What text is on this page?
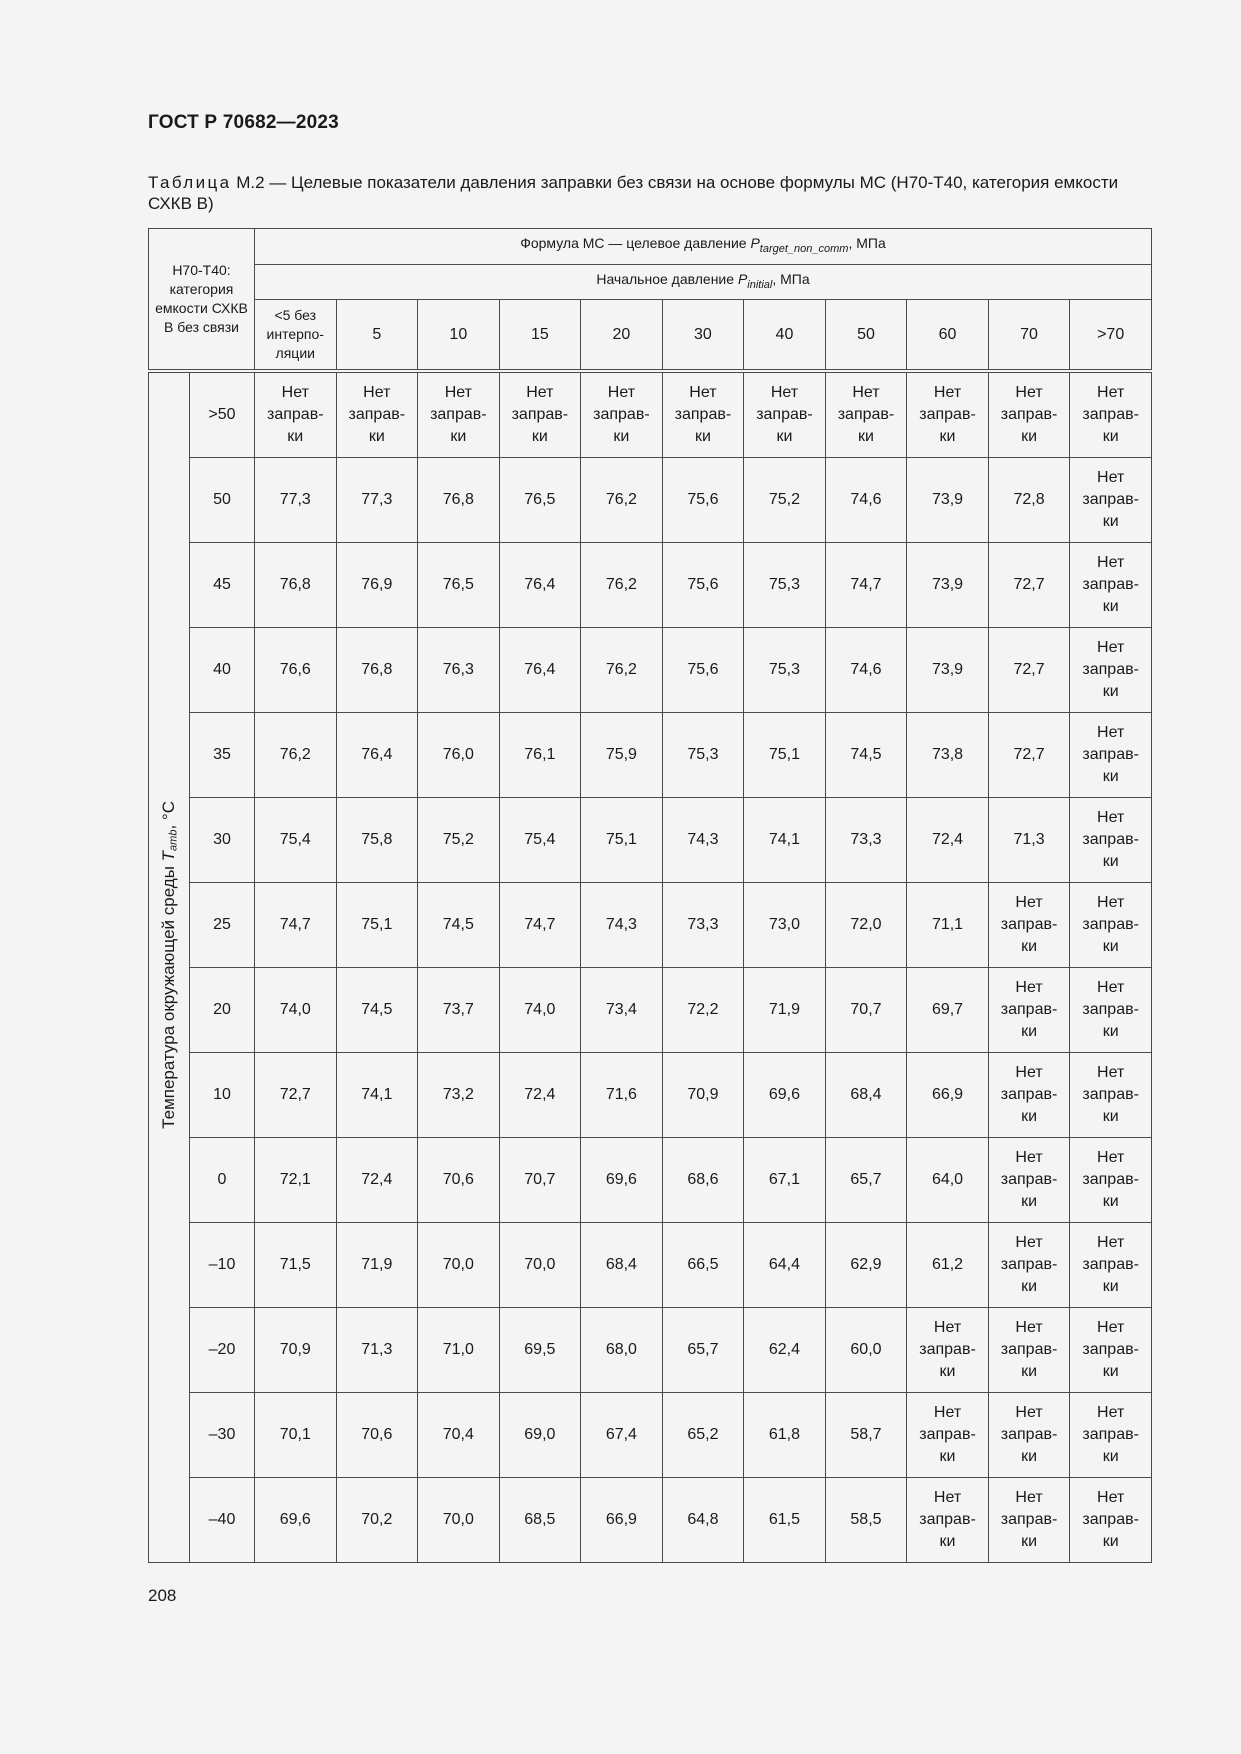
ГОСТ Р 70682—2023
Таблица М.2 — Целевые показатели давления заправки без связи на основе формулы МС (Н70-Т40, категория емкости СХКВ В)
Н70-Т40: категория емкости СХКВ В без связи		Формула МС — целевое давление $P_{target\_non\_comm}$, МПа										
		Начальное давление $P_{initial}$, МПа										
		<5 без интерпо-ляции	5	10	15	20	30	40	50	60	70	>70
Температура окружающей среды $T_{amb}$, °С	>50	Нет
заправ-
ки	Нет
заправ-
ки	Нет
заправ-
ки	Нет
заправ-
ки	Нет
заправ-
ки	Нет
заправ-
ки	Нет
заправ-
ки	Нет
заправ-
ки	Нет
заправ-
ки	Нет
заправ-
ки	Нет
заправ-
ки

	50	77,3	77,3	76,8	76,5	76,2	75,6	75,2	74,6	73,9	72,8	Нет
заправ-
ки

	45	76,8	76,9	76,5	76,4	76,2	75,6	75,3	74,7	73,9	72,7	Нет
заправ-
ки

	40	76,6	76,8	76,3	76,4	76,2	75,6	75,3	74,6	73,9	72,7	Нет
заправ-
ки

	35	76,2	76,4	76,0	76,1	75,9	75,3	75,1	74,5	73,8	72,7	Нет
заправ-
ки

	30	75,4	75,8	75,2	75,4	75,1	74,3	74,1	73,3	72,4	71,3	Нет
заправ-
ки

	25	74,7	75,1	74,5	74,7	74,3	73,3	73,0	72,0	71,1	Нет
заправ-
ки	Нет
заправ-
ки

	20	74,0	74,5	73,7	74,0	73,4	72,2	71,9	70,7	69,7	Нет
заправ-
ки	Нет
заправ-
ки

	10	72,7	74,1	73,2	72,4	71,6	70,9	69,6	68,4	66,9	Нет
заправ-
ки	Нет
заправ-
ки

	0	72,1	72,4	70,6	70,7	69,6	68,6	67,1	65,7	64,0	Нет
заправ-
ки	Нет
заправ-
ки

	–10	71,5	71,9	70,0	70,0	68,4	66,5	64,4	62,9	61,2	Нет
заправ-
ки	Нет
заправ-
ки

	–20	70,9	71,3	71,0	69,5	68,0	65,7	62,4	60,0	Нет
заправ-
ки	Нет
заправ-
ки	Нет
заправ-
ки

	–30	70,1	70,6	70,4	69,0	67,4	65,2	61,8	58,7	Нет
заправ-
ки	Нет
заправ-
ки	Нет
заправ-
ки

	–40	69,6	70,2	70,0	68,5	66,9	64,8	61,5	58,5	Нет
заправ-
ки	Нет
заправ-
ки	Нет
заправ-
ки
208
